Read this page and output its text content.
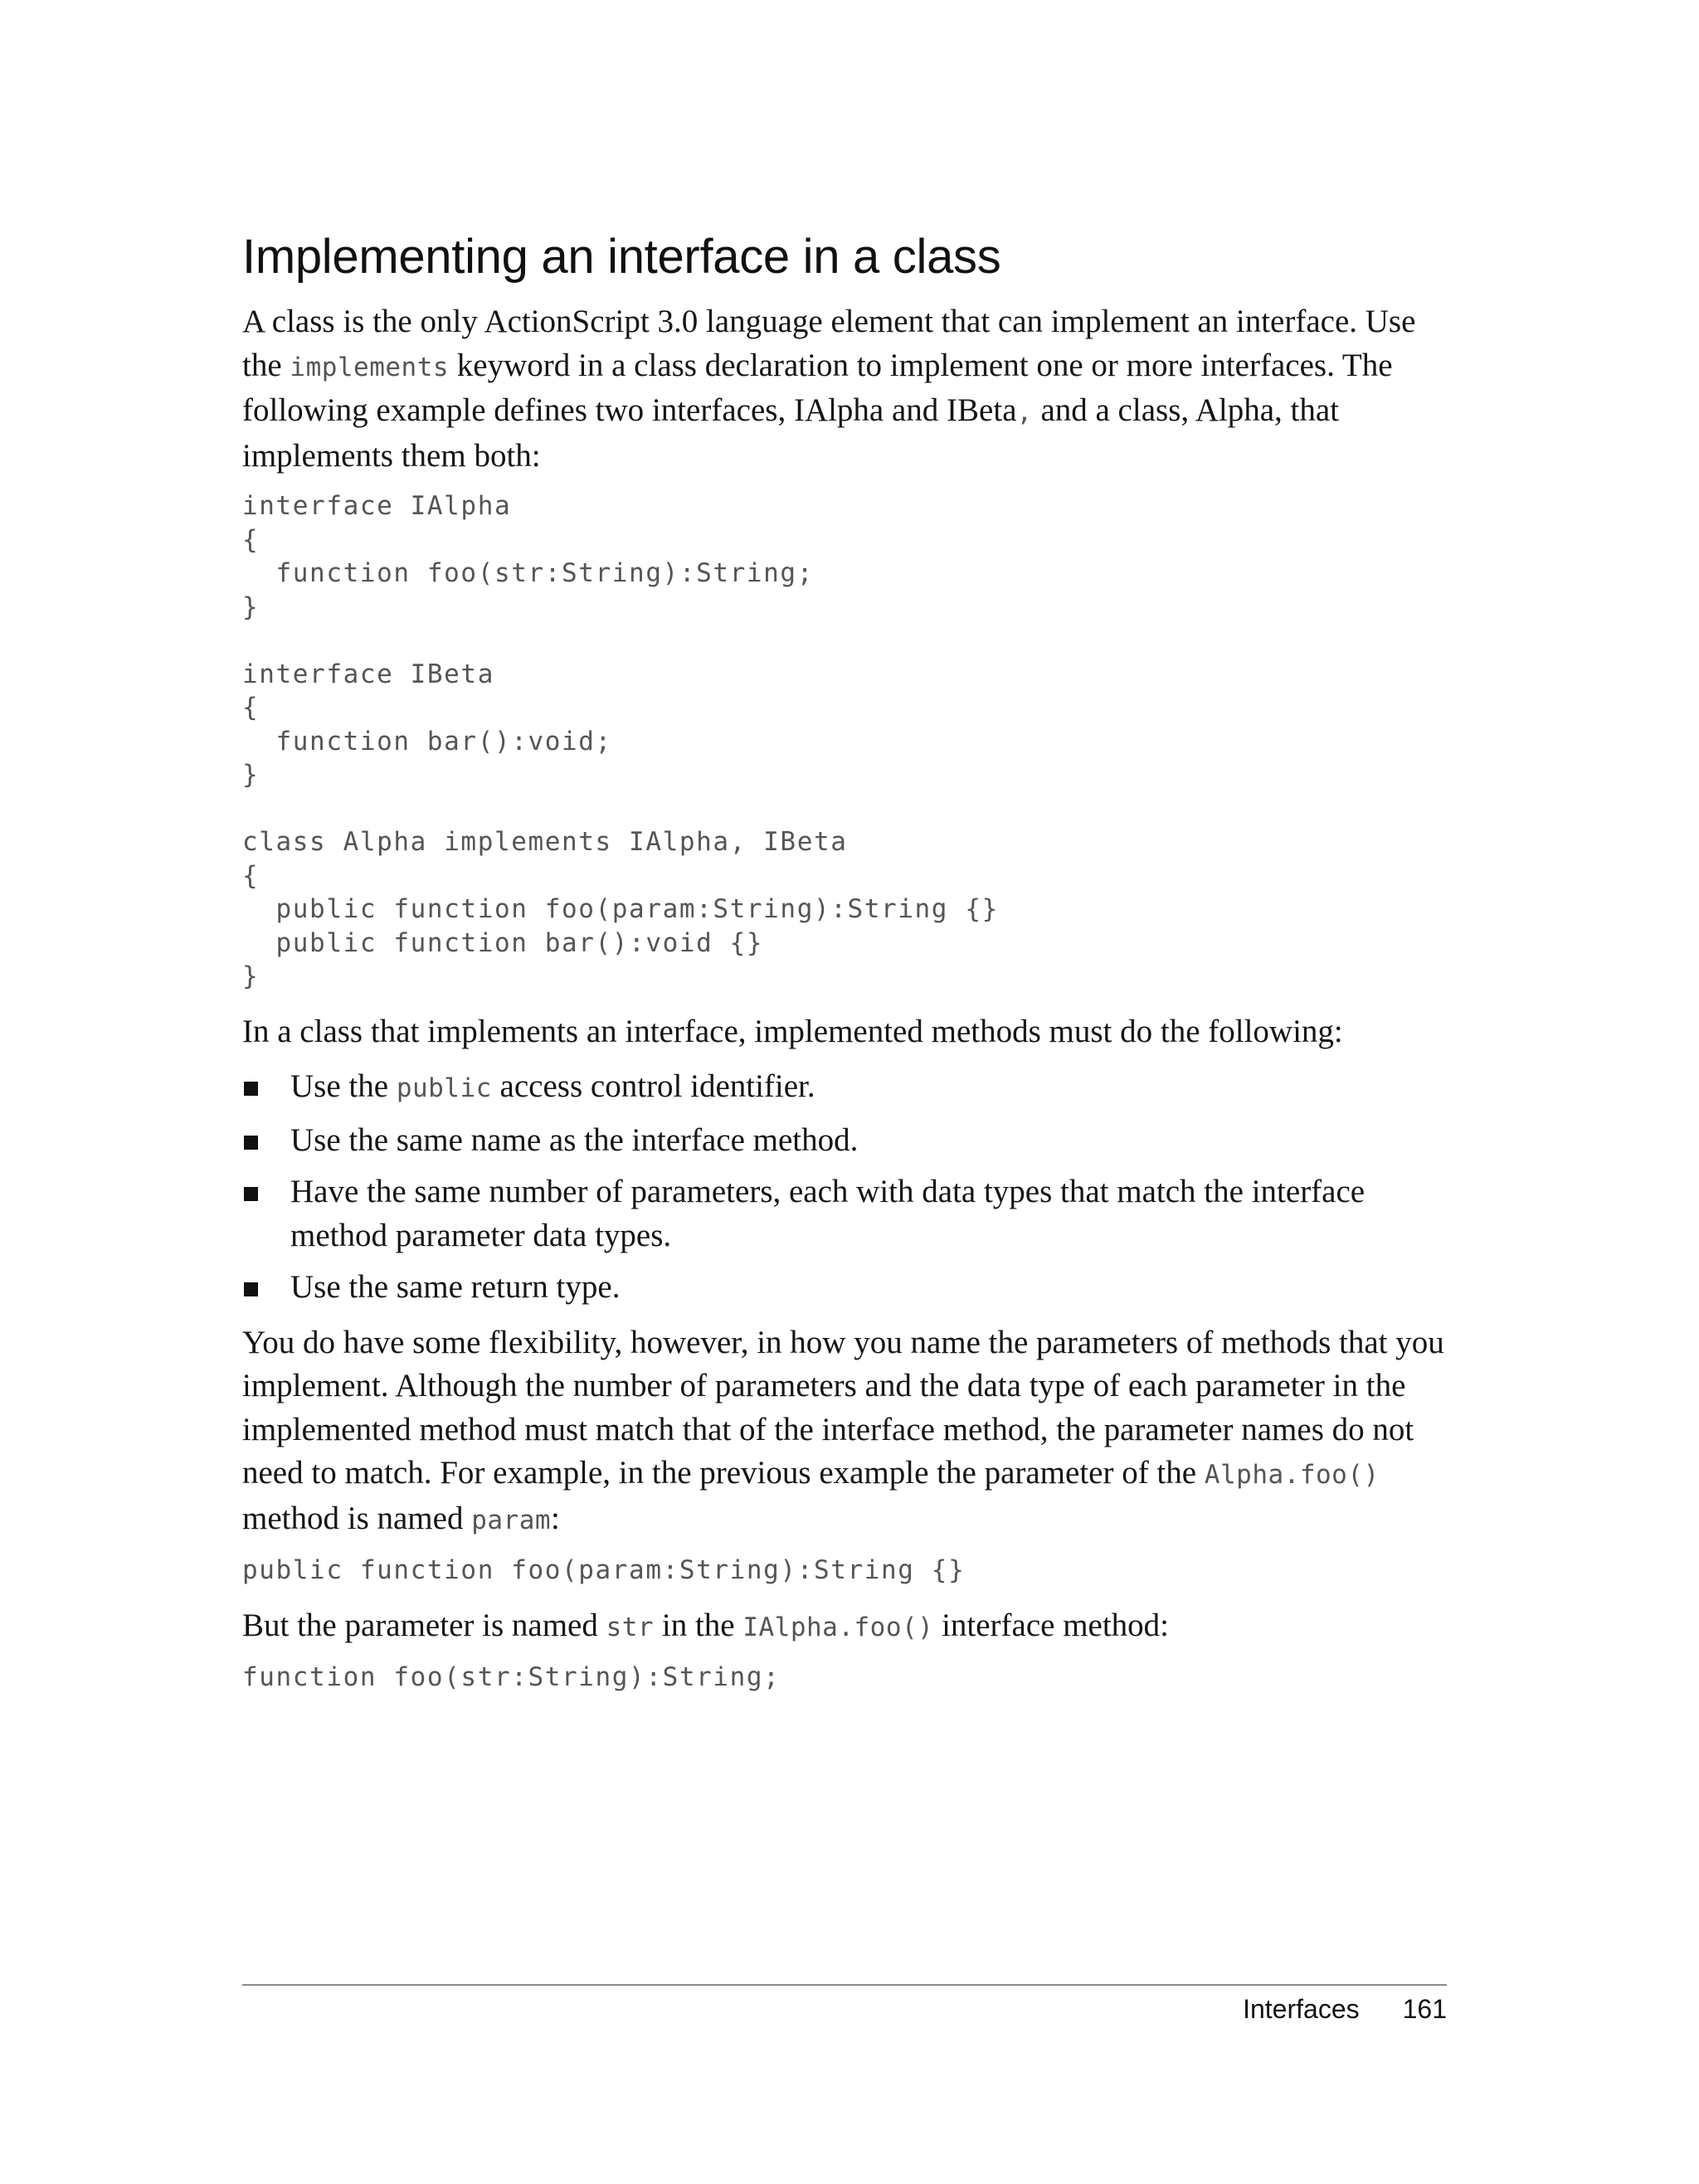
Implementing an interface in a class

A class is the only ActionScript 3.0 language element that can implement an interface. Use the implements keyword in a class declaration to implement one or more interfaces. The following example defines two interfaces, IAlpha and IBeta, and a class, Alpha, that implements them both:

interface IAlpha
{
function foo(str:String):String;
}
interface IBeta
{
function bar():void;
}
class Alpha implements IAlpha, IBeta
{
public function foo(param:String):String {}
public function bar():void {}
}

In a class that implements an interface, implemented methods must do the following:

Use the public access control identifier.
Use the same name as the interface method.
Have the same number of parameters, each with data types that match the interface method parameter data types.
Use the same return type.

You do have some flexibility, however, in how you name the parameters of methods that you implement. Although the number of parameters and the data type of each parameter in the implemented method must match that of the interface method, the parameter names do not need to match. For example, in the previous example the parameter of the Alpha.foo() method is named param:

public function foo(param:String):String {}

But the parameter is named str in the IAlpha.foo() interface method:

function foo(str:String):String;
Interfaces 161
